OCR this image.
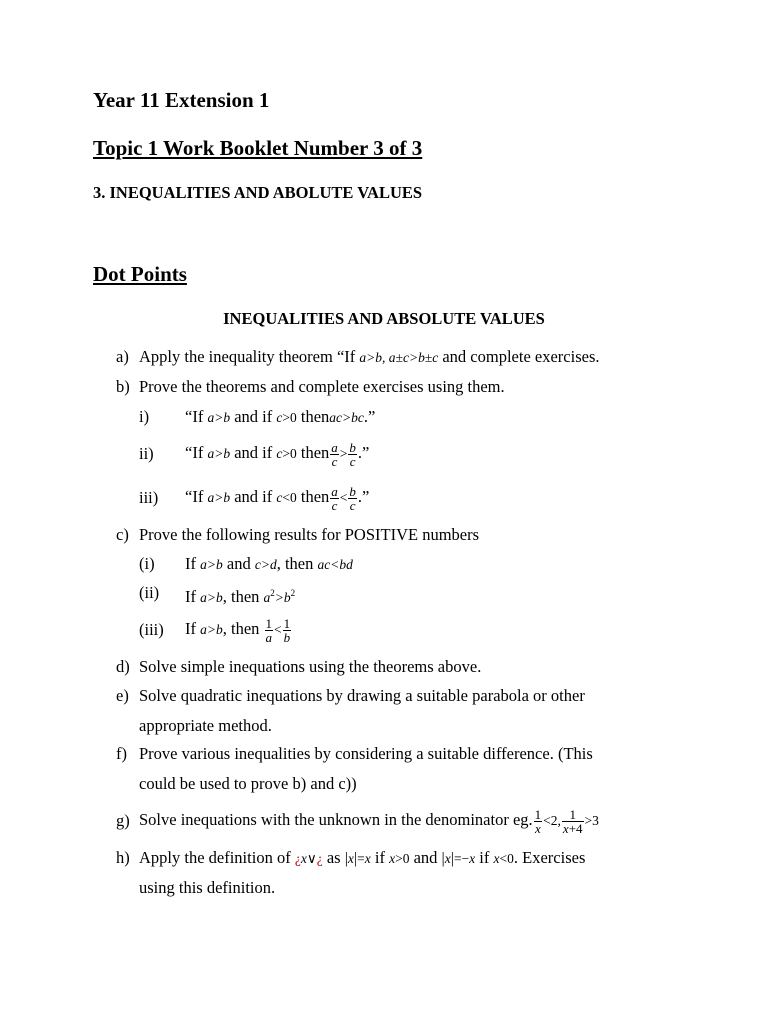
Year 11 Extension 1
Topic 1 Work Booklet Number 3 of 3
3. INEQUALITIES AND ABOLUTE VALUES
Dot Points
INEQUALITIES AND ABSOLUTE VALUES
a) Apply the inequality theorem “If a>b, a±c>b±c and complete exercises.
b) Prove the theorems and complete exercises using them.
i) “If a>b and if c>0 thenac>bc.”
ii) “If a>b and if c>0 then $\frac{a}{c} > \frac{b}{c}$ .”
iii) “If a>b and if c<0 then $\frac{a}{c} < \frac{b}{c}$ .”
c) Prove the following results for POSITIVE numbers
(i) If a>b and c>d, then ac<bd
(ii) If a>b, then $a^2>b^2$
(iii) If a>b, then $\frac{1}{a} < \frac{1}{b}$
d) Solve simple inequations using the theorems above.
e) Solve quadratic inequations by drawing a suitable parabola or other
appropriate method.
f) Prove various inequalities by considering a suitable difference. (This
could be used to prove b) and c))
g) Solve inequations with the unknown in the denominator eg. $\frac{1}{x} <2$, $\frac{1}{x+4} >3$
h) Apply the definition of ¿x∨¿ as |x|=x if x>0 and |x|=−x if x<0. Exercises
using this definition.
